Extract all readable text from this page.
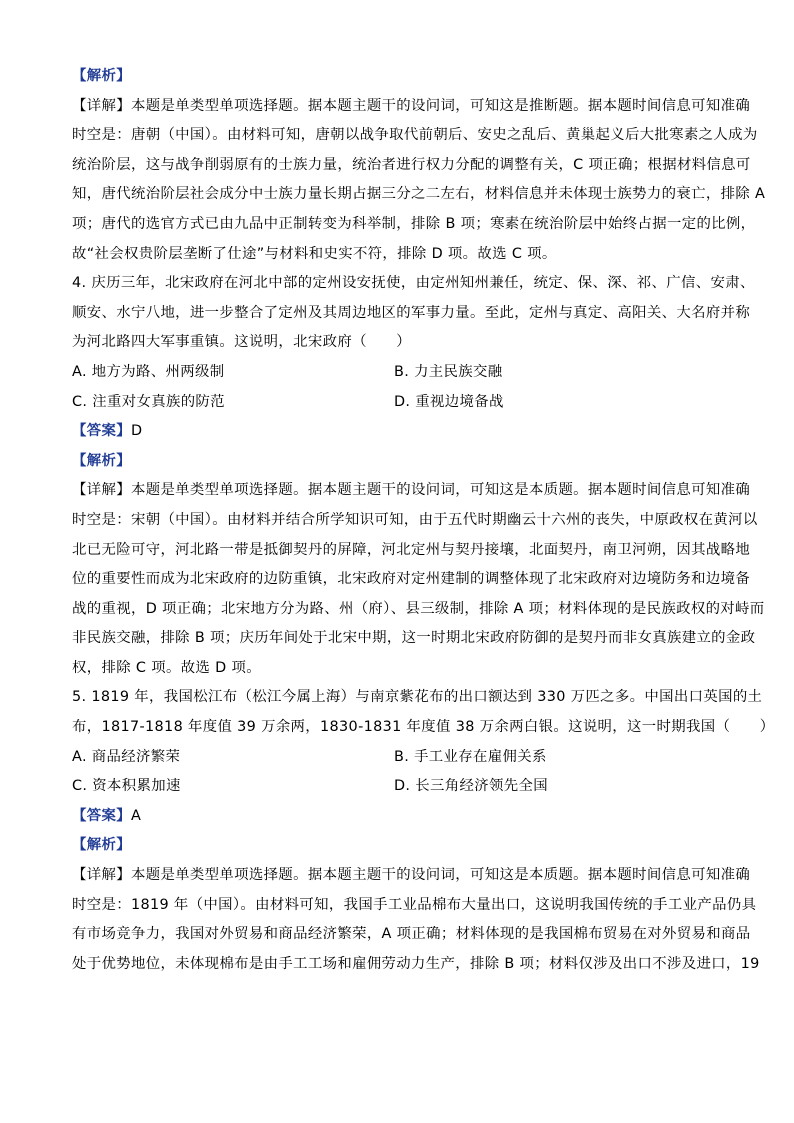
【解析】
【详解】本题是单类型单项选择题。据本题主题干的设问词，可知这是推断题。据本题时间信息可知准确
时空是：唐朝（中国）。由材料可知，唐朝以战争取代前朝后、安史之乱后、黄巢起义后大批寒素之人成为
统治阶层，这与战争削弱原有的士族力量，统治者进行权力分配的调整有关，C 项正确；根据材料信息可
知，唐代统治阶层社会成分中士族力量长期占据三分之二左右，材料信息并未体现士族势力的衰亡，排除 A
项；唐代的选官方式已由九品中正制转变为科举制，排除 B 项；寒素在统治阶层中始终占据一定的比例，
故“社会权贵阶层垄断了仕途”与材料和史实不符，排除 D 项。故选 C 项。
4. 庆历三年，北宋政府在河北中部的定州设安抚使，由定州知州兼任，统定、保、深、祁、广信、安肃、
顺安、水宁八地，进一步整合了定州及其周边地区的军事力量。至此，定州与真定、高阳关、大名府并称
为河北路四大军事重镇。这说明，北宋政府（　　）
A. 地方为路、州两级制	B. 力主民族交融
C. 注重对女真族的防范	D. 重视边境备战
【答案】D
【解析】
【详解】本题是单类型单项选择题。据本题主题干的设问词，可知这是本质题。据本题时间信息可知准确
时空是：宋朝（中国）。由材料并结合所学知识可知，由于五代时期幽云十六州的丧失，中原政权在黄河以
北已无险可守，河北路一带是抵御契丹的屏障，河北定州与契丹接壤，北面契丹，南卫河朔，因其战略地
位的重要性而成为北宋政府的边防重镇，北宋政府对定州建制的调整体现了北宋政府对边境防务和边境备
战的重视，D 项正确；北宋地方分为路、州（府）、县三级制，排除 A 项；材料体现的是民族政权的对峙而
非民族交融，排除 B 项；庆历年间处于北宋中期，这一时期北宋政府防御的是契丹而非女真族建立的金政
权，排除 C 项。故选 D 项。
5. 1819 年，我国松江布（松江今属上海）与南京紫花布的出口额达到 330 万匹之多。中国出口英国的土
布，1817-1818 年度值 39 万余两，1830-1831 年度值 38 万余两白银。这说明，这一时期我国（　　）
A. 商品经济繁荣	B. 手工业存在雇佣关系
C. 资本积累加速	D. 长三角经济领先全国
【答案】A
【解析】
【详解】本题是单类型单项选择题。据本题主题干的设问词，可知这是本质题。据本题时间信息可知准确
时空是：1819 年（中国）。由材料可知，我国手工业品棉布大量出口，这说明我国传统的手工业产品仍具
有市场竞争力，我国对外贸易和商品经济繁荣，A 项正确；材料体现的是我国棉布贸易在对外贸易和商品
处于优势地位，未体现棉布是由手工工场和雇佣劳动力生产，排除 B 项；材料仅涉及出口不涉及进口，19
